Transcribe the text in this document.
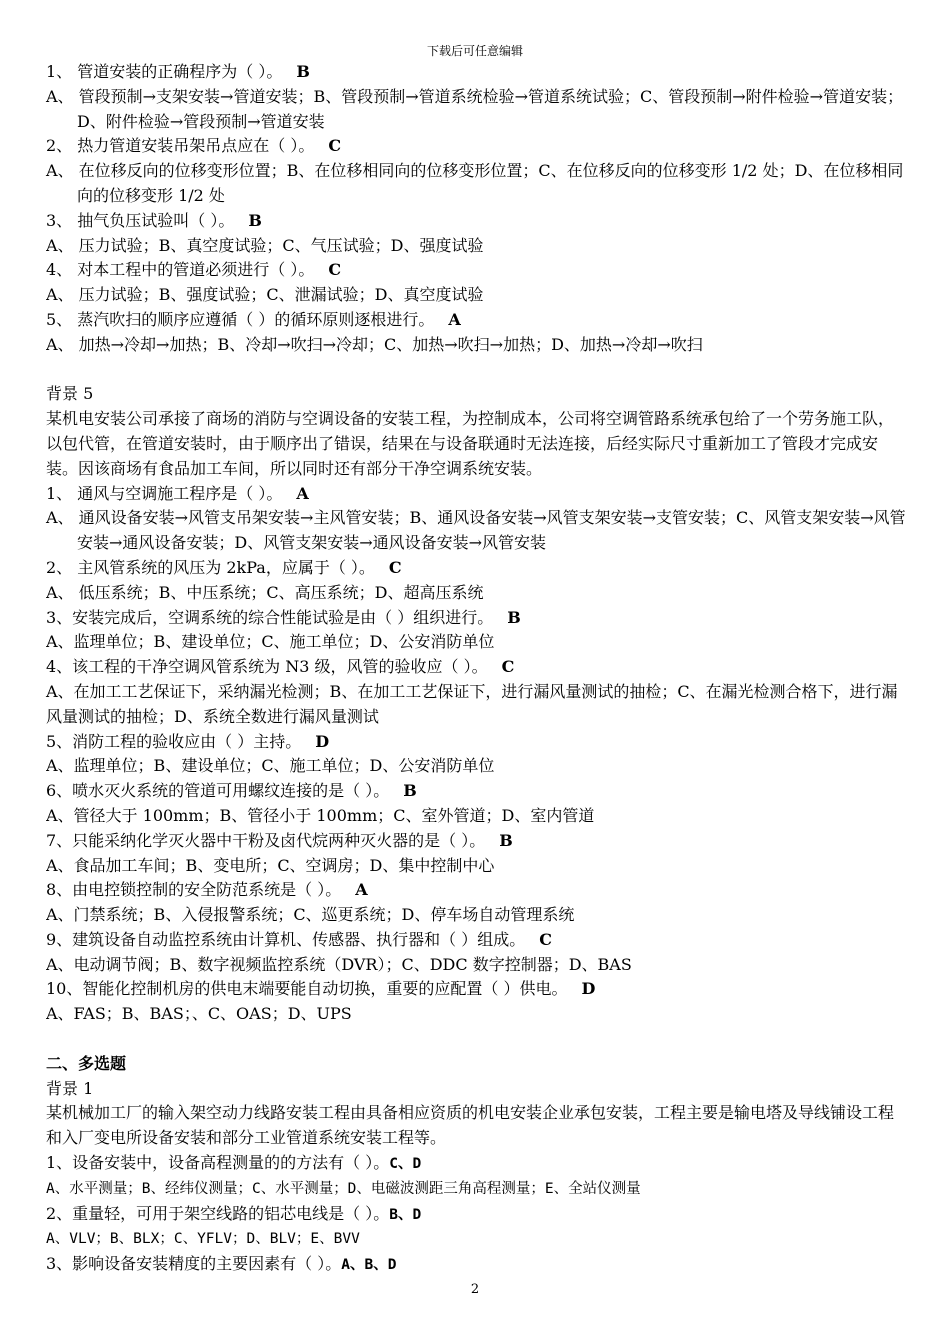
下载后可任意编辑
1、 管道安装的正确程序为（ ）。 B
A、 管段预制→支架安装→管道安装；B、管段预制→管道系统检验→管道系统试验；C、管段预制→附件检验→管道安装；D、附件检验→管段预制→管道安装
2、 热力管道安装吊架吊点应在（ ）。 C
A、 在位移反向的位移变形位置；B、在位移相同向的位移变形位置；C、在位移反向的位移变形 1/2 处；D、在位移相同向的位移变形 1/2 处
3、 抽气负压试验叫（ ）。 B
A、 压力试验；B、真空度试验；C、气压试验；D、强度试验
4、 对本工程中的管道必须进行（ ）。 C
A、 压力试验；B、强度试验；C、泄漏试验；D、真空度试验
5、 蒸汽吹扫的顺序应遵循（ ）的循环原则逐根进行。 A
A、 加热→冷却→加热；B、冷却→吹扫→冷却；C、加热→吹扫→加热；D、加热→冷却→吹扫
背景 5
某机电安装公司承接了商场的消防与空调设备的安装工程，为控制成本，公司将空调管路系统承包给了一个劳务施工队，以包代管，在管道安装时，由于顺序出了错误，结果在与设备联通时无法连接，后经实际尺寸重新加工了管段才完成安装。因该商场有食品加工车间，所以同时还有部分干净空调系统安装。
1、 通风与空调施工程序是（ ）。 A
A、 通风设备安装→风管支吊架安装→主风管安装；B、通风设备安装→风管支架安装→支管安装；C、风管支架安装→风管安装→通风设备安装；D、风管支架安装→通风设备安装→风管安装
2、 主风管系统的风压为 2kPa，应属于（ ）。 C
A、 低压系统；B、中压系统；C、高压系统；D、超高压系统
3、安装完成后，空调系统的综合性能试验是由（ ）组织进行。 B
A、监理单位；B、建设单位；C、施工单位；D、公安消防单位
4、该工程的干净空调风管系统为 N3 级，风管的验收应（ ）。 C
A、在加工工艺保证下，采纳漏光检测；B、在加工工艺保证下，进行漏风量测试的抽检；C、在漏光检测合格下，进行漏风量测试的抽检；D、系统全数进行漏风量测试
5、消防工程的验收应由（ ）主持。 D
A、监理单位；B、建设单位；C、施工单位；D、公安消防单位
6、喷水灭火系统的管道可用螺纹连接的是（ ）。 B
A、管径大于 100mm；B、管径小于 100mm；C、室外管道；D、室内管道
7、只能采纳化学灭火器中干粉及卤代烷两种灭火器的是（ ）。 B
A、食品加工车间；B、变电所；C、空调房；D、集中控制中心
8、由电控锁控制的安全防范系统是（ ）。 A
A、门禁系统；B、入侵报警系统；C、巡更系统；D、停车场自动管理系统
9、建筑设备自动监控系统由计算机、传感器、执行器和（ ）组成。 C
A、电动调节阀；B、数字视频监控系统（DVR）；C、DDC 数字控制器；D、BAS
10、智能化控制机房的供电末端要能自动切换，重要的应配置（ ）供电。 D
A、FAS；B、BAS；、C、OAS；D、UPS
二、多选题
背景 1
某机械加工厂的输入架空动力线路安装工程由具备相应资质的机电安装企业承包安装，工程主要是输电塔及导线铺设工程和入厂变电所设备安装和部分工业管道系统安装工程等。
1、设备安装中，设备高程测量的的方法有（ ）。C、D
A、水平测量；B、经纬仪测量；C、水平测量；D、电磁波测距三角高程测量；E、全站仪测量
2、重量轻，可用于架空线路的铝芯电线是（ ）。B、D
A、VLV；B、BLX；C、YFLV；D、BLV；E、BVV
3、影响设备安装精度的主要因素有（ ）。A、B、D
2
